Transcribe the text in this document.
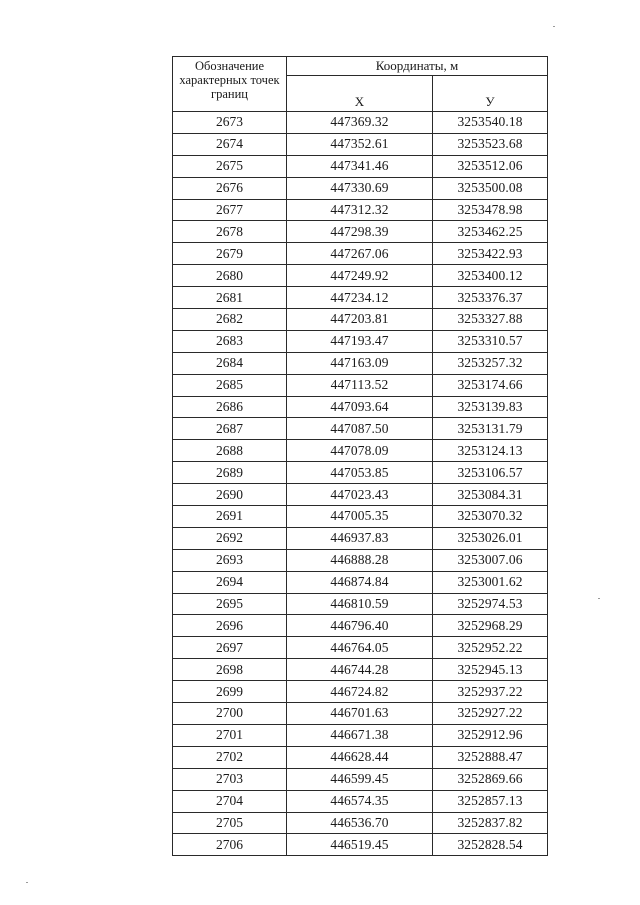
Обозначение характерных точек границ	Координаты, м	
	X	У
2673	447369.32	3253540.18
2674	447352.61	3253523.68
2675	447341.46	3253512.06
2676	447330.69	3253500.08
2677	447312.32	3253478.98
2678	447298.39	3253462.25
2679	447267.06	3253422.93
2680	447249.92	3253400.12
2681	447234.12	3253376.37
2682	447203.81	3253327.88
2683	447193.47	3253310.57
2684	447163.09	3253257.32
2685	447113.52	3253174.66
2686	447093.64	3253139.83
2687	447087.50	3253131.79
2688	447078.09	3253124.13
2689	447053.85	3253106.57
2690	447023.43	3253084.31
2691	447005.35	3253070.32
2692	446937.83	3253026.01
2693	446888.28	3253007.06
2694	446874.84	3253001.62
2695	446810.59	3252974.53
2696	446796.40	3252968.29
2697	446764.05	3252952.22
2698	446744.28	3252945.13
2699	446724.82	3252937.22
2700	446701.63	3252927.22
2701	446671.38	3252912.96
2702	446628.44	3252888.47
2703	446599.45	3252869.66
2704	446574.35	3252857.13
2705	446536.70	3252837.82
2706	446519.45	3252828.54
